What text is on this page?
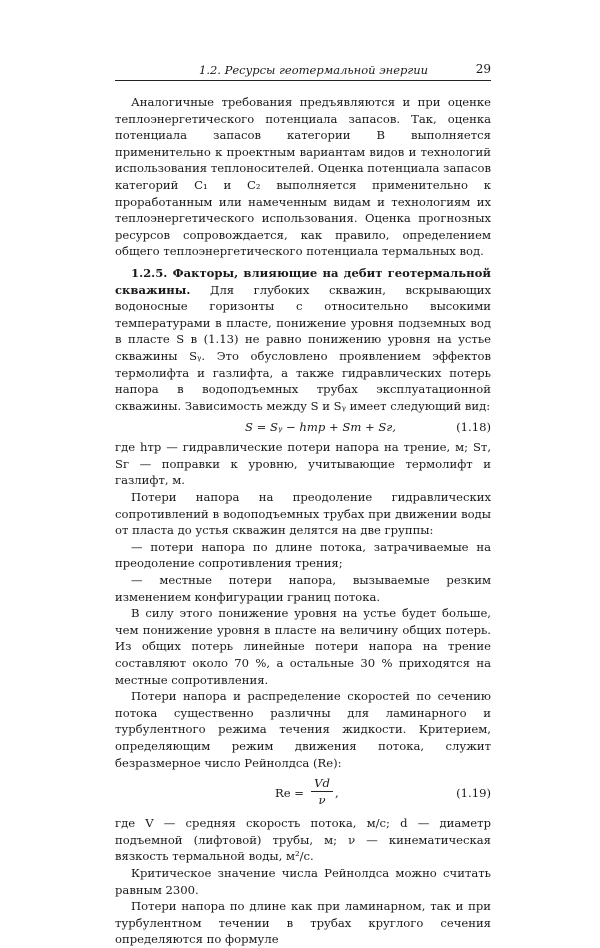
1.2. Ресурсы геотермальной энергии	29

Аналогичные требования предъявляются и при оценке теплоэнергетического потенциала запасов. Так, оценка потенциала запасов категории B выполняется применительно к проектным вариантам видов и технологий использования теплоносителей. Оценка потенциала запасов категорий C₁ и C₂ выполняется применительно к проработанным или намеченным видам и технологиям их теплоэнергетического использования. Оценка прогнозных ресурсов сопровождается, как правило, определением общего теплоэнергетического потенциала термальных вод.

1.2.5. Факторы, влияющие на дебит геотермальной скважины. Для глубоких скважин, вскрывающих водоносные горизонты с относительно высокими температурами в пласте, понижение уровня подземных вод в пласте S в (1.13) не равно понижению уровня на устье скважины Sᵧ. Это обусловлено проявлением эффектов термолифта и газлифта, а также гидравлических потерь напора в водоподъемных трубах эксплуатационной скважины. Зависимость между S и Sᵧ имеет следующий вид:

S = Sᵧ − hтр + Sт + Sг,	(1.18)

где hтр — гидравлические потери напора на трение, м; Sт, Sг — поправки к уровню, учитывающие термолифт и газлифт, м.

Потери напора на преодоление гидравлических сопротивлений в водоподъемных трубах при движении воды от пласта до устья скважин делятся на две группы:

— потери напора по длине потока, затрачиваемые на преодоление сопротивления трения;

— местные потери напора, вызываемые резким изменением конфигурации границ потока.

В силу этого понижение уровня на устье будет больше, чем понижение уровня в пласте на величину общих потерь. Из общих потерь линейные потери напора на трение составляют около 70 %, а остальные 30 % приходятся на местные сопротивления.

Потери напора и распределение скоростей по сечению потока существенно различны для ламинарного и турбулентного режима течения жидкости. Критерием, определяющим режим движения потока, служит безразмерное число Рейнолдса (Re):

$Re = \frac{Vd}{\nu}$ ,	(1.19)

где V — средняя скорость потока, м/с; d — диаметр подъемной (лифтовой) трубы, м; ν — кинематическая вязкость термальной воды, м²/с.

Критическое значение числа Рейнолдса можно считать равным 2300.

Потери напора по длине как при ламинарном, так и при турбулентном течении в трубах круглого сечения определяются по формуле
